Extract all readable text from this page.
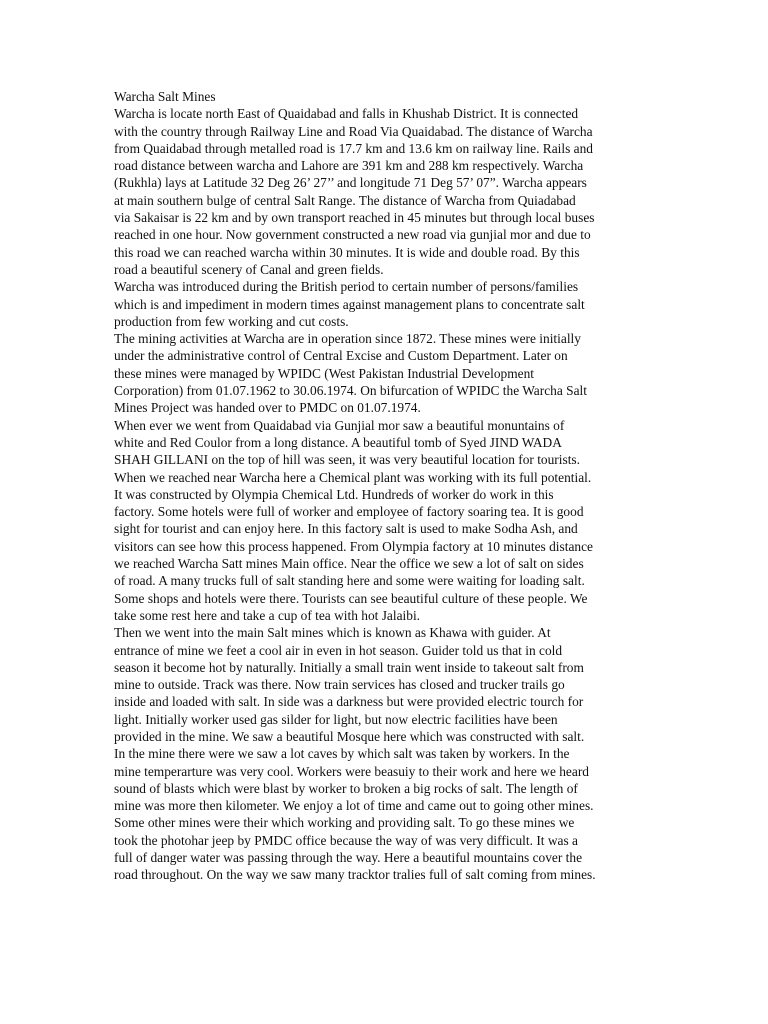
Warcha Salt Mines
Warcha is locate north East of Quaidabad and falls in Khushab District. It is connected
with the country through Railway Line and Road Via Quaidabad. The distance of Warcha
from Quaidabad through metalled road is 17.7 km and 13.6 km on railway line. Rails and
road distance between warcha and Lahore are 391 km and 288 km respectively. Warcha
(Rukhla) lays at Latitude 32 Deg 26’ 27’’ and longitude 71 Deg 57’ 07”. Warcha appears
at main southern bulge of central Salt Range. The distance of Warcha from Quiadabad
via Sakaisar is 22 km and by own transport reached in 45 minutes but through local buses
reached in one hour. Now government constructed a new road via gunjial mor and due to
this road we can reached warcha within 30 minutes. It is wide and double road. By this
road a beautiful scenery of Canal and green fields.
Warcha was introduced during the British period to certain number of persons/families
which is and impediment in modern times against management plans to concentrate salt
production from few working and cut costs.
The mining activities at Warcha are in operation since 1872. These mines were initially
under the administrative control of Central Excise and Custom Department. Later on
these mines were managed by WPIDC (West Pakistan Industrial Development
Corporation) from 01.07.1962 to 30.06.1974. On bifurcation of WPIDC the Warcha Salt
Mines Project was handed over to PMDC on 01.07.1974.
When ever we went from Quaidabad via Gunjial mor saw a beautiful monuntains of
white and Red Coulor from a long distance. A beautiful tomb of Syed JIND WADA
SHAH GILLANI on the top of hill was seen, it was very beautiful location for tourists.
When we reached near Warcha here a Chemical plant was working with its full potential.
It was constructed by Olympia Chemical Ltd. Hundreds of worker do work in this
factory. Some hotels were full of worker and employee of factory soaring tea. It is good
sight for tourist and can enjoy here. In this factory salt is used to make Sodha Ash, and
visitors can see how this process happened. From Olympia factory at 10 minutes distance
we reached Warcha Satt mines Main office. Near the office we sew a lot of salt on sides
of road. A many trucks full of salt standing here and some were waiting for loading salt.
Some shops and hotels were there. Tourists can see beautiful culture of these people. We
take some rest here and take a cup of tea with hot Jalaibi.
Then we went into the main Salt mines which is known as Khawa with guider. At
entrance of mine we feet a cool air in even in hot season. Guider told us that in cold
season it become hot by naturally. Initially a small train went inside to takeout salt from
mine to outside. Track was there. Now train services has closed and trucker trails go
inside and loaded with salt. In side was a darkness but were provided electric tourch for
light. Initially worker used gas silder for light, but now electric facilities have been
provided in the mine. We saw a beautiful Mosque here which was constructed with salt.
In the mine there were we saw a lot caves by which salt was taken by workers. In the
mine temperarture was very cool. Workers were beasuiy to their work and here we heard
sound of blasts which were blast by worker to broken a big rocks of salt. The length of
mine was more then kilometer. We enjoy a lot of time and came out to going other mines.
Some other mines were their which working and providing salt. To go these mines we
took the photohar jeep by PMDC office because the way of was very difficult. It was a
full of danger water was passing through the way. Here a beautiful mountains cover the
road throughout. On the way we saw many tracktor tralies full of salt coming from mines.
